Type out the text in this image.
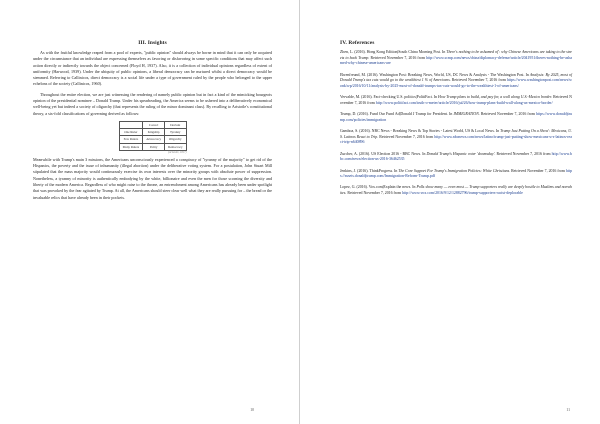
III. Insights

As with the fruitful knowledge reaped from a pool of experts, "public opinion" should always be borne in mind that it can only be acquired under the circumstance that an individual are expressing themselves as favoring or disfavoring in some specific conditions that may affect such action directly or indirectly towards the object concerned (Floyd H, 1937). Also, it is a collection of individual opinions regardless of extent of uniformity (Harwood, 1939). Under the ubiquity of public opinions, a liberal democracy can be nurtured whilst a direct democracy would be stemmed. Referring to Callinicos, direct democracy is a social life under a type of government ruled by the people who belonged to the upper echelons of the society (Callinicos, 1960).

Throughout the entire election, we are just witnessing the rendering of namely public opinion but in fact a kind of the mimicking bourgeois opinion of the presidential nominee – Donald Trump. Under his spearheading, the America seems to be ushered into a deliberatively economical well-being yet but indeed a society of oligarchy (that represents the ruling of the minor dominant class). By recalling to Aristotle's constitutional theory, a six-fold classifications of governing derived as follows:

	Correct	Deviant
One Ruler	Kingship	Tyranny
Few Rulers	Aristocracy	Oligarchy
Many Rulers	Polity	Democracy
(Aristotle, 1817)

Meanwhile with Trump's main 3 missions, the Americans unconsciously experienced a conspiracy of "tyranny of the majority" to get rid of the Hispanics, the poverty and the issue of inhumanity (illegal abortion) under the deliberative voting system. For a postulation, John Stuart Mill stipulated that the mass majority would continuously exercise its own interests over the minority groups with absolute power of suppression. Nonetheless, a tyranny of minority is authentically embodying by the white, billionaire and even the men for those scorning the diversity and liberty of the modern America. Regardless of who might raise to the throne, an entrenchment among Americans has already been under spotlight that was provoked by the fear agitated by Trump. At all, the Americans should steer clear well what they are really pursuing for – the bread or the invaluable relics that have already been in their pockets.

10
IV. References

Zhen, L. (2016). Hong Kong Edition|South China Morning Post. In There's nothing to be ashamed of': why Chinese Americans are taking to the streets to back Trump. Retrieved November 7, 2016 from http://www.scmp.com/news/china/diplomacy-defense/article/2041951/theres-nothing-be-ashamed-why-chinese-americans-are

Ehrenfreund, M. (2016). Washington Post: Breaking News, World, US, DC News & Analysis - The Washington Post. In Analysis: By 2025, most of Donald Trump's tax cuts would go to the wealthiest 1 % of Americans. Retrieved November 7, 2016 from https://www.washingtonpost.com/news/wonk/wp/2016/10/11/analysis-by-2025-most-of-donald-trumps-tax-cuts-would-go-to-the-wealthiest-1-of-americans/

Vervalde, M. (2016). Fact-checking U.S. politics|PolitiFact. In How Trump plans to build, and pay for, a wall along U.S.-Mexico border. Retrieved November 7, 2016 from http://www.politifact.com/truth-o-meter/article/2016/jul/26/how-trump-plans-build-wall-along-us-mexico-border/

Trump, D. (2016). Fund Our Fund Ad|Donald J Trump for President. In IMMIGRATION. Retrieved November 7, 2016 from https://www.donaldjtrump.com/policies/immigration

Gamboa, S. (2016). NBC News - Breaking News & Top Stories - Latest World, US & Local News. In Trump Just Putting On a Show': Mexicans, U.S. Latinos React to Trip. Retrieved November 7, 2016 from http://www.nbcnews.com/news/latino/trump-just-putting-show-mexicans-u-s-latinos-react-trip-n640896

Zurcher, A. (2016). US Election 2016 - BBC News. In Donald Trump's Hispanic voter 'doomsday'. Retrieved November 7, 2016 from http://www.bbc.com/news/election-us-2016-36462535

Jenkins, J. (2016). ThinkProgress. In The Core Support For Trump's Immigration Policies: White Christians. Retrieved November 7, 2016 from https://assets.donaldjtrump.com/Immigration-Reform-Trump.pdf

Lopez, G. (2016). Vox.com|Explain the news. In Polls show many — even most — Trump supporters really are deeply hostile to Muslims and nonwhites. Retrieved November 7, 2016 from http://www.vox.com/2016/9/12/12882796/trump-supporters-racist-deplorable

11
